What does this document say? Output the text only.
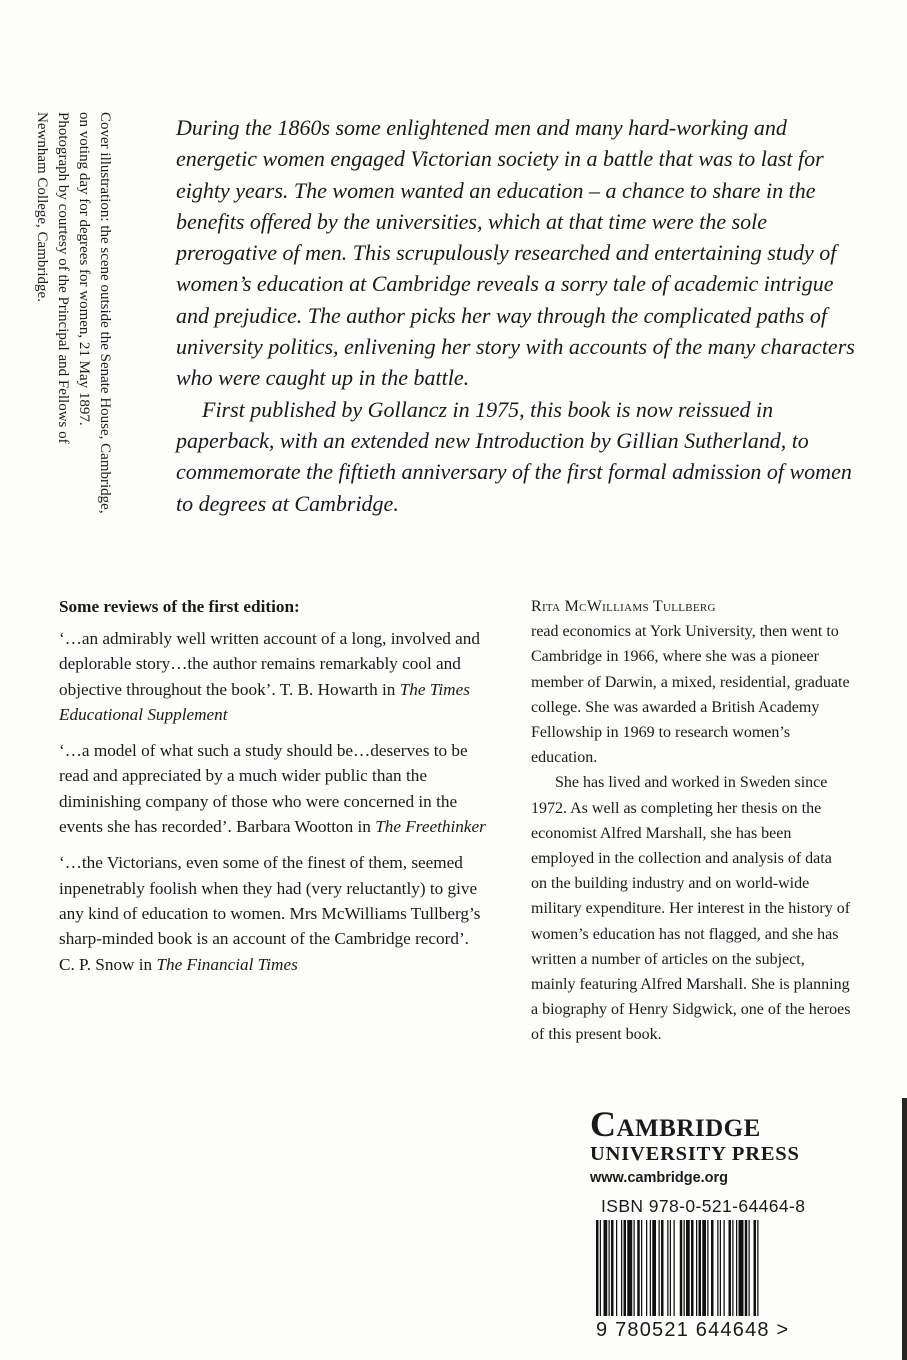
Cover illustration: the scene outside the Senate House, Cambridge,

on voting day for degrees for women, 21 May 1897.

Photograph by courtesy of the Principal and Fellows of

Newnham College, Cambridge.	During the 1860s some enlightened men and many hard-working and energetic women engaged Victorian society in a battle that was to last for eighty years. The women wanted an education – a chance to share in the benefits offered by the universities, which at that time were the sole prerogative of men. This scrupulously researched and entertaining study of women’s education at Cambridge reveals a sorry tale of academic intrigue and prejudice. The author picks her way through the complicated paths of university politics, enlivening her story with accounts of the many characters who were caught up in the battle.

First published by Gollancz in 1975, this book is now reissued in paperback, with an extended new Introduction by Gillian Sutherland, to commemorate the fiftieth anniversary of the first formal admission of women to degrees at Cambridge.

Some reviews of the first edition:
‘…an admirably well written account of a long, involved and deplorable story…the author remains remarkably cool and objective throughout the book’. T. B. Howarth in The Times Educational Supplement
‘…a model of what such a study should be…deserves to be read and appreciated by a much wider public than the diminishing company of those who were concerned in the events she has recorded’. Barbara Wootton in The Freethinker
‘…the Victorians, even some of the finest of them, seemed inpenetrably foolish when they had (very reluctantly) to give any kind of education to women. Mrs McWilliams Tullberg’s sharp-minded book is an account of the Cambridge record’. C. P. Snow in The Financial Times

Rita McWilliams Tullberg

read economics at York University, then went to Cambridge in 1966, where she was a pioneer member of Darwin, a mixed, residential, graduate college. She was awarded a British Academy Fellowship in 1969 to research women’s education.

She has lived and worked in Sweden since 1972. As well as completing her thesis on the economist Alfred Marshall, she has been employed in the collection and analysis of data on the building industry and on world-wide military expenditure. Her interest in the history of women’s education has not flagged, and she has written a number of articles on the subject, mainly featuring Alfred Marshall. She is planning a biography of Henry Sidgwick, one of the heroes of this present book.

Cambridge
UNIVERSITY PRESS
www.cambridge.org
ISBN 978-0-521-64464-8
9 780521 644648 >
